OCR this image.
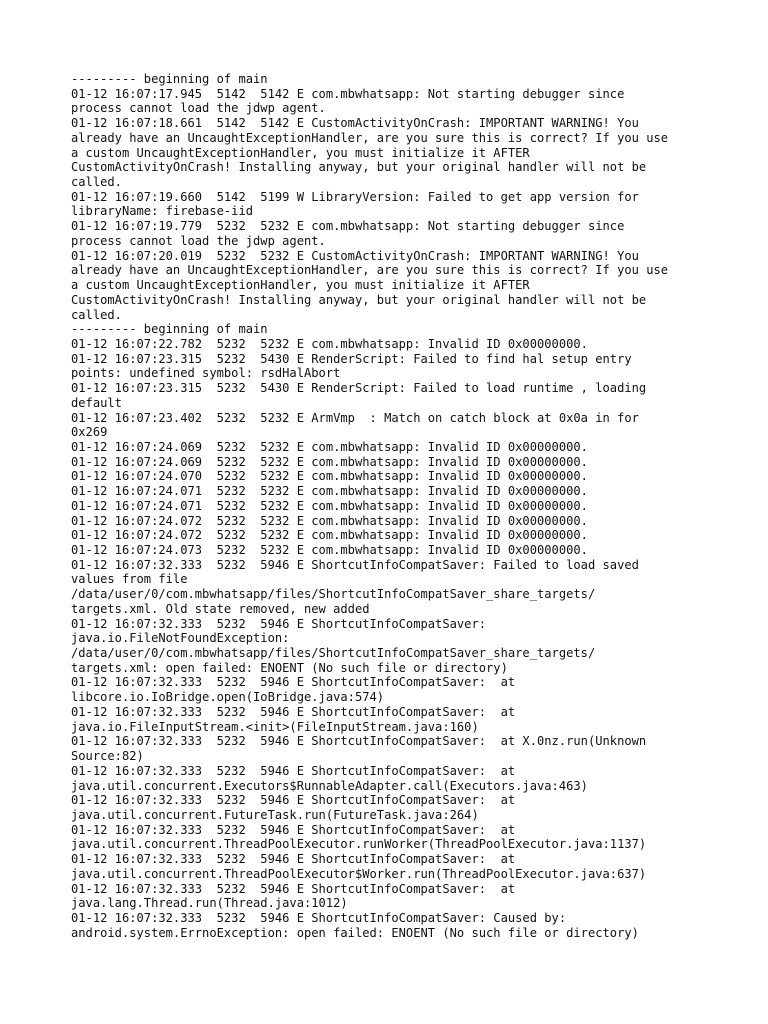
--------- beginning of main
01-12 16:07:17.945  5142  5142 E com.mbwhatsapp: Not starting debugger since
process cannot load the jdwp agent.
01-12 16:07:18.661  5142  5142 E CustomActivityOnCrash: IMPORTANT WARNING! You
already have an UncaughtExceptionHandler, are you sure this is correct? If you use
a custom UncaughtExceptionHandler, you must initialize it AFTER
CustomActivityOnCrash! Installing anyway, but your original handler will not be
called.
01-12 16:07:19.660  5142  5199 W LibraryVersion: Failed to get app version for
libraryName: firebase-iid
01-12 16:07:19.779  5232  5232 E com.mbwhatsapp: Not starting debugger since
process cannot load the jdwp agent.
01-12 16:07:20.019  5232  5232 E CustomActivityOnCrash: IMPORTANT WARNING! You
already have an UncaughtExceptionHandler, are you sure this is correct? If you use
a custom UncaughtExceptionHandler, you must initialize it AFTER
CustomActivityOnCrash! Installing anyway, but your original handler will not be
called.
--------- beginning of main
01-12 16:07:22.782  5232  5232 E com.mbwhatsapp: Invalid ID 0x00000000.
01-12 16:07:23.315  5232  5430 E RenderScript: Failed to find hal setup entry
points: undefined symbol: rsdHalAbort
01-12 16:07:23.315  5232  5430 E RenderScript: Failed to load runtime , loading
default
01-12 16:07:23.402  5232  5232 E ArmVmp  : Match on catch block at 0x0a in for
0x269
01-12 16:07:24.069  5232  5232 E com.mbwhatsapp: Invalid ID 0x00000000.
01-12 16:07:24.069  5232  5232 E com.mbwhatsapp: Invalid ID 0x00000000.
01-12 16:07:24.070  5232  5232 E com.mbwhatsapp: Invalid ID 0x00000000.
01-12 16:07:24.071  5232  5232 E com.mbwhatsapp: Invalid ID 0x00000000.
01-12 16:07:24.071  5232  5232 E com.mbwhatsapp: Invalid ID 0x00000000.
01-12 16:07:24.072  5232  5232 E com.mbwhatsapp: Invalid ID 0x00000000.
01-12 16:07:24.072  5232  5232 E com.mbwhatsapp: Invalid ID 0x00000000.
01-12 16:07:24.073  5232  5232 E com.mbwhatsapp: Invalid ID 0x00000000.
01-12 16:07:32.333  5232  5946 E ShortcutInfoCompatSaver: Failed to load saved
values from file
/data/user/0/com.mbwhatsapp/files/ShortcutInfoCompatSaver_share_targets/
targets.xml. Old state removed, new added
01-12 16:07:32.333  5232  5946 E ShortcutInfoCompatSaver:
java.io.FileNotFoundException:
/data/user/0/com.mbwhatsapp/files/ShortcutInfoCompatSaver_share_targets/
targets.xml: open failed: ENOENT (No such file or directory)
01-12 16:07:32.333  5232  5946 E ShortcutInfoCompatSaver:  at
libcore.io.IoBridge.open(IoBridge.java:574)
01-12 16:07:32.333  5232  5946 E ShortcutInfoCompatSaver:  at
java.io.FileInputStream.<init>(FileInputStream.java:160)
01-12 16:07:32.333  5232  5946 E ShortcutInfoCompatSaver:  at X.0nz.run(Unknown
Source:82)
01-12 16:07:32.333  5232  5946 E ShortcutInfoCompatSaver:  at
java.util.concurrent.Executors$RunnableAdapter.call(Executors.java:463)
01-12 16:07:32.333  5232  5946 E ShortcutInfoCompatSaver:  at
java.util.concurrent.FutureTask.run(FutureTask.java:264)
01-12 16:07:32.333  5232  5946 E ShortcutInfoCompatSaver:  at
java.util.concurrent.ThreadPoolExecutor.runWorker(ThreadPoolExecutor.java:1137)
01-12 16:07:32.333  5232  5946 E ShortcutInfoCompatSaver:  at
java.util.concurrent.ThreadPoolExecutor$Worker.run(ThreadPoolExecutor.java:637)
01-12 16:07:32.333  5232  5946 E ShortcutInfoCompatSaver:  at
java.lang.Thread.run(Thread.java:1012)
01-12 16:07:32.333  5232  5946 E ShortcutInfoCompatSaver: Caused by:
android.system.ErrnoException: open failed: ENOENT (No such file or directory)
